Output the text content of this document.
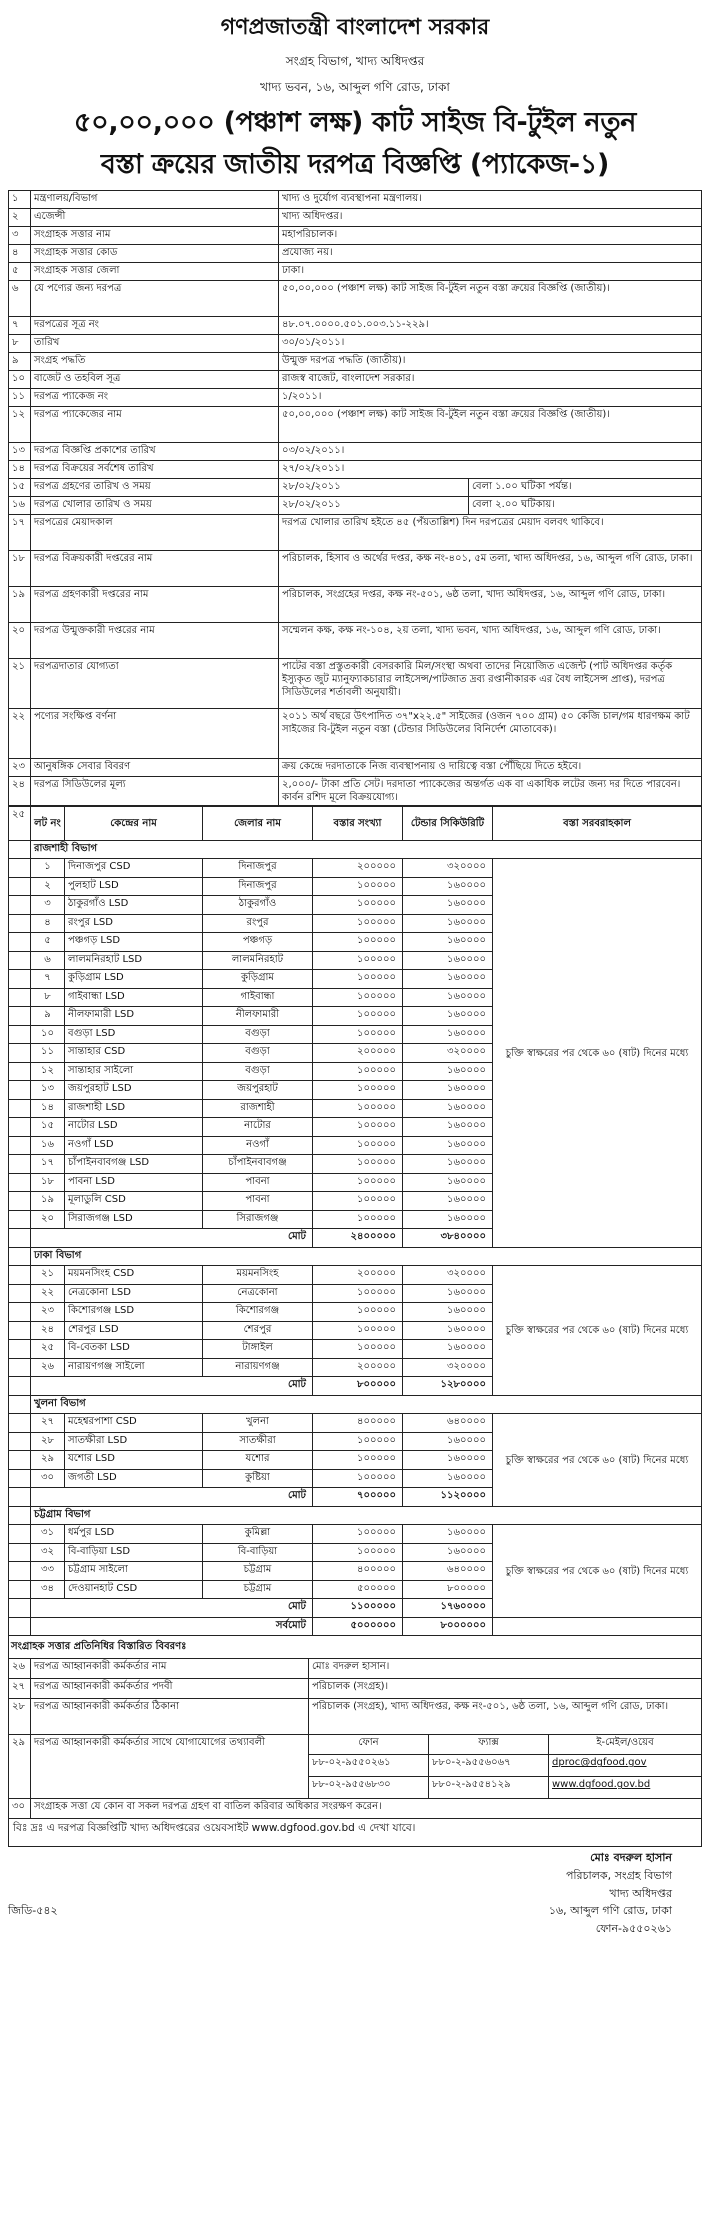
গণপ্রজাতন্ত্রী বাংলাদেশ সরকার
সংগ্রহ বিভাগ, খাদ্য অধিদপ্তর
খাদ্য ভবন, ১৬, আব্দুল গণি রোড, ঢাকা
৫০,০০,০০০ (পঞ্চাশ লক্ষ) কাট সাইজ বি-টুইল নতুন
বস্তা ক্রয়ের জাতীয় দরপত্র বিজ্ঞপ্তি (প্যাকেজ-১)
১	মন্ত্রণালয়/বিভাগ	খাদ্য ও দুর্যোগ ব্যবস্থাপনা মন্ত্রণালয়।	
২	এজেন্সী	খাদ্য অধিদপ্তর।	
৩	সংগ্রাহক সত্তার নাম	মহাপরিচালক।	
৪	সংগ্রাহক সত্তার কোড	প্রযোজ্য নয়।	
৫	সংগ্রাহক সত্তার জেলা	ঢাকা।	
৬	যে পণ্যের জন্য দরপত্র	৫০,০০,০০০ (পঞ্চাশ লক্ষ) কাট সাইজ বি-টুইল নতুন বস্তা ক্রয়ের বিজ্ঞপ্তি (জাতীয়)।	
৭	দরপত্রের সূত্র নং	৪৮.০৭.০০০০.৫০১.০০৩.১১-২২৯।	
৮	তারিখ	৩০/০১/২০১১।	
৯	সংগ্রহ পদ্ধতি	উন্মুক্ত দরপত্র পদ্ধতি (জাতীয়)।	
১০	বাজেট ও তহবিল সূত্র	রাজস্ব বাজেট, বাংলাদেশ সরকার।	
১১	দরপত্র প্যাকেজ নং	১/২০১১।	
১২	দরপত্র প্যাকেজের নাম	৫০,০০,০০০ (পঞ্চাশ লক্ষ) কাট সাইজ বি-টুইল নতুন বস্তা ক্রয়ের বিজ্ঞপ্তি (জাতীয়)।	
১৩	দরপত্র বিজ্ঞপ্তি প্রকাশের তারিখ	০৩/০২/২০১১।	
১৪	দরপত্র বিক্রয়ের সর্বশেষ তারিখ	২৭/০২/২০১১।	
১৫	দরপত্র গ্রহণের তারিখ ও সময়	২৮/০২/২০১১	বেলা ১.০০ ঘটিকা পর্যন্ত।
১৬	দরপত্র খোলার তারিখ ও সময়	২৮/০২/২০১১	বেলা ২.০০ ঘটিকায়।
১৭	দরপত্রের মেয়াদকাল	দরপত্র খোলার তারিখ হইতে ৪৫ (পঁয়তাল্লিশ) দিন দরপত্রের মেয়াদ বলবৎ থাকিবে।	
১৮	দরপত্র বিক্রয়কারী দপ্তরের নাম	পরিচালক, হিসাব ও অর্থের দপ্তর, কক্ষ নং-৪০১, ৫ম তলা, খাদ্য অধিদপ্তর, ১৬, আব্দুল গণি রোড, ঢাকা।	
১৯	দরপত্র গ্রহণকারী দপ্তরের নাম	পরিচালক, সংগ্রহের দপ্তর, কক্ষ নং-৫০১, ৬ষ্ঠ তলা, খাদ্য অধিদপ্তর, ১৬, আব্দুল গণি রোড, ঢাকা।	
২০	দরপত্র উন্মুক্তকারী দপ্তরের নাম	সম্মেলন কক্ষ, কক্ষ নং-১০৪, ২য় তলা, খাদ্য ভবন, খাদ্য অধিদপ্তর, ১৬, আব্দুল গণি রোড, ঢাকা।	
২১	দরপত্রদাতার যোগ্যতা	পাটের বস্তা প্রস্তুতকারী বেসরকারি মিল/সংস্থা অথবা তাদের নিয়োজিত এজেন্ট (পাট অধিদপ্তর কর্তৃক ইস্যুকৃত জুট ম্যানুফ্যাকচারার লাইসেন্স/পাটজাত দ্রব্য রপ্তানীকারক এর বৈধ লাইসেন্স প্রাপ্ত), দরপত্র সিডিউলের শর্তাবলী অনুযায়ী।	
২২	পণ্যের সংক্ষিপ্ত বর্ণনা	২০১১ অর্থ বছরে উৎপাদিত ৩৭"x২২.৫" সাইজের (ওজন ৭০০ গ্রাম) ৫০ কেজি চাল/গম ধারণক্ষম কাট সাইজের বি-টুইল নতুন বস্তা (টেন্ডার সিডিউলের বিনির্দেশ মোতাবেক)।	
২৩	আনুষঙ্গিক সেবার বিবরণ	ক্রয় কেন্দ্রে দরদাতাকে নিজ ব্যবস্থাপনায় ও দায়িত্বে বস্তা পৌঁছিয়ে দিতে হইবে।	
২৪	দরপত্র সিডিউলের মূল্য	২,০০০/- টাকা প্রতি সেট। দরদাতা প্যাকেজের অন্তর্গত এক বা একাধিক লটের জন্য দর দিতে পারবেন। কার্বন রশিদ মূলে বিক্রয়যোগ্য।	
২৫	লট নং	কেন্দ্রের নাম	জেলার নাম	বস্তার সংখ্যা	টেন্ডার সিকিউরিটি	বস্তা সরবরাহকাল
	রাজশাহী বিভাগ					
	১	দিনাজপুর CSD	দিনাজপুর	২০০০০০	৩২০০০০	চুক্তি স্বাক্ষরের পর থেকে ৬০ (ষাট) দিনের মধ্যে
	২	পুলহাট LSD	দিনাজপুর	১০০০০০	১৬০০০০	
	৩	ঠাকুরগাঁও LSD	ঠাকুরগাঁও	১০০০০০	১৬০০০০	
	৪	রংপুর LSD	রংপুর	১০০০০০	১৬০০০০	
	৫	পঞ্চগড় LSD	পঞ্চগড়	১০০০০০	১৬০০০০	
	৬	লালমনিরহাট LSD	লালমনিরহাট	১০০০০০	১৬০০০০	
	৭	কুড়িগ্রাম LSD	কুড়িগ্রাম	১০০০০০	১৬০০০০	
	৮	গাইবান্ধা LSD	গাইবান্ধা	১০০০০০	১৬০০০০	
	৯	নীলফামারী LSD	নীলফামারী	১০০০০০	১৬০০০০	
	১০	বগুড়া LSD	বগুড়া	১০০০০০	১৬০০০০	
	১১	সান্তাহার CSD	বগুড়া	২০০০০০	৩২০০০০	
	১২	সান্তাহার সাইলো	বগুড়া	১০০০০০	১৬০০০০	
	১৩	জয়পুরহাট LSD	জয়পুরহাট	১০০০০০	১৬০০০০	
	১৪	রাজশাহী LSD	রাজশাহী	১০০০০০	১৬০০০০	
	১৫	নাটোর LSD	নাটোর	১০০০০০	১৬০০০০	
	১৬	নওগাঁ LSD	নওগাঁ	১০০০০০	১৬০০০০	
	১৭	চাঁপাইনবাবগঞ্জ LSD	চাঁপাইনবাবগঞ্জ	১০০০০০	১৬০০০০	
	১৮	পাবনা LSD	পাবনা	১০০০০০	১৬০০০০	
	১৯	মূলাডুলি CSD	পাবনা	১০০০০০	১৬০০০০	
	২০	সিরাজগঞ্জ LSD	সিরাজগঞ্জ	১০০০০০	১৬০০০০	
	মোট			২৪০০০০০	৩৮৪০০০০	
	ঢাকা বিভাগ					
	২১	ময়মনসিংহ CSD	ময়মনসিংহ	২০০০০০	৩২০০০০	চুক্তি স্বাক্ষরের পর থেকে ৬০ (ষাট) দিনের মধ্যে
	২২	নেত্রকোনা LSD	নেত্রকোনা	১০০০০০	১৬০০০০	
	২৩	কিশোরগঞ্জ LSD	কিশোরগঞ্জ	১০০০০০	১৬০০০০	
	২৪	শেরপুর LSD	শেরপুর	১০০০০০	১৬০০০০	
	২৫	বি-বেতকা LSD	টাঙ্গাইল	১০০০০০	১৬০০০০	
	২৬	নারায়ণগঞ্জ সাইলো	নারায়ণগঞ্জ	২০০০০০	৩২০০০০	
	মোট			৮০০০০০	১২৮০০০০	
	খুলনা বিভাগ					
	২৭	মহেশ্বরপাশা CSD	খুলনা	৪০০০০০	৬৪০০০০	চুক্তি স্বাক্ষরের পর থেকে ৬০ (ষাট) দিনের মধ্যে
	২৮	সাতক্ষীরা LSD	সাতক্ষীরা	১০০০০০	১৬০০০০	
	২৯	যশোর LSD	যশোর	১০০০০০	১৬০০০০	
	৩০	জগতী LSD	কুষ্টিয়া	১০০০০০	১৬০০০০	
	মোট			৭০০০০০	১১২০০০০	
	চট্টগ্রাম বিভাগ					
	৩১	ধর্মপুর LSD	কুমিল্লা	১০০০০০	১৬০০০০	চুক্তি স্বাক্ষরের পর থেকে ৬০ (ষাট) দিনের মধ্যে
	৩২	বি-বাড়িয়া LSD	বি-বাড়িয়া	১০০০০০	১৬০০০০	
	৩৩	চট্টগ্রাম সাইলো	চট্টগ্রাম	৪০০০০০	৬৪০০০০	
	৩৪	দেওয়ানহাট CSD	চট্টগ্রাম	৫০০০০০	৮০০০০০	
	মোট			১১০০০০০	১৭৬০০০০	
	সর্বমোট			৫০০০০০০	৮০০০০০০	
সংগ্রাহক সত্তার প্রতিনিধির বিস্তারিত বিবরণঃ
২৬	দরপত্র আহ্বানকারী কর্মকর্তার নাম	মোঃ বদরুল হাসান।		
২৭	দরপত্র আহ্বানকারী কর্মকর্তার পদবী	পরিচালক (সংগ্রহ)।		
২৮	দরপত্র আহ্বানকারী কর্মকর্তার ঠিকানা	পরিচালক (সংগ্রহ), খাদ্য অধিদপ্তর, কক্ষ নং-৫০১, ৬ষ্ঠ তলা, ১৬, আব্দুল গণি রোড, ঢাকা।		
২৯	দরপত্র আহ্বানকারী কর্মকর্তার সাথে যোগাযোগের তথ্যাবলী	ফোন	ফ্যাক্স	ই-মেইল/ওয়েব
		৮৮-০২-৯৫৫০২৬১	৮৮০-২-৯৫৫৬০৬৭	dproc@dgfood.gov
		৮৮-০২-৯৫৫৬৮৩০	৮৮০-২-৯৫৫৪১২৯	www.dgfood.gov.bd
৩০	সংগ্রাহক সত্তা যে কোন বা সকল দরপত্র গ্রহণ বা বাতিল করিবার অধিকার সংরক্ষণ করেন।			
বিঃ দ্রঃ এ দরপত্র বিজ্ঞপ্তিটি খাদ্য অধিদপ্তরের ওয়েবসাইট www.dgfood.gov.bd এ দেখা যাবে।
মোঃ বদরুল হাসান
পরিচালক, সংগ্রহ বিভাগ
খাদ্য অধিদপ্তর
জিডি-৫৪২	১৬, আব্দুল গণি রোড, ঢাকা
ফোন-৯৫৫০২৬১
